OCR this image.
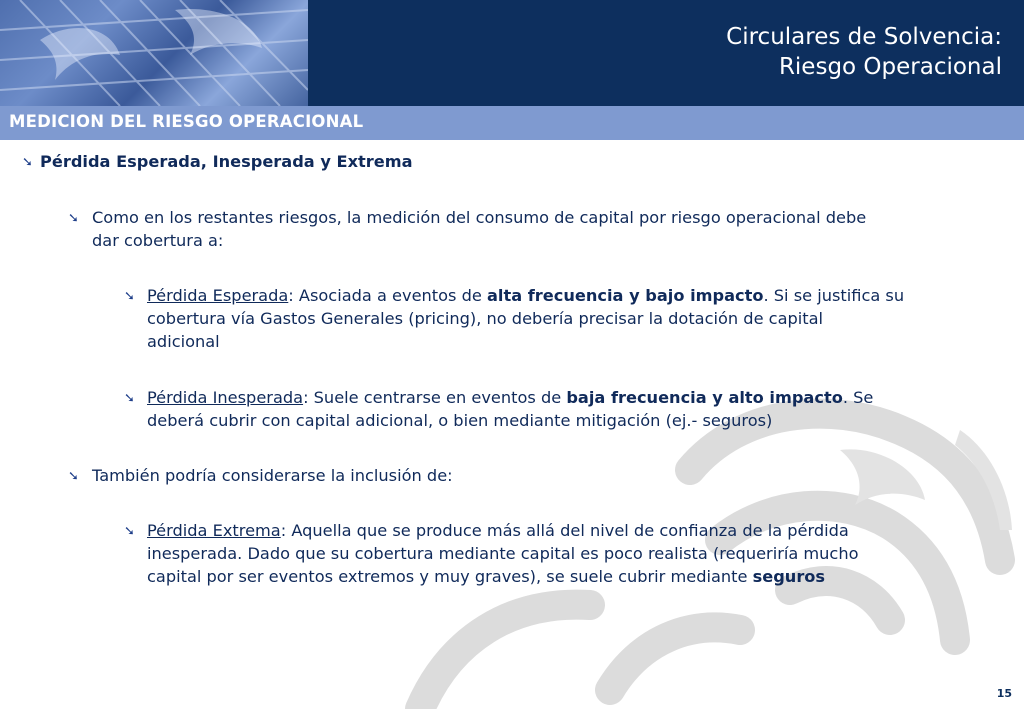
Circulares de Solvencia:
Riesgo Operacional
MEDICION DEL RIESGO OPERACIONAL
➘ Pérdida Esperada, Inesperada y Extrema
➘ Como en los restantes riesgos, la medición del consumo de capital por riesgo operacional debe
dar cobertura a:
➘ Pérdida Esperada: Asociada a eventos de alta frecuencia y bajo impacto. Si se justifica su
cobertura vía Gastos Generales (pricing), no debería precisar la dotación de capital
adicional
➘ Pérdida Inesperada: Suele centrarse en eventos de baja frecuencia y alto impacto. Se
deberá cubrir con capital adicional, o bien mediante mitigación (ej.- seguros)
➘ También podría considerarse la inclusión de:
➘ Pérdida Extrema: Aquella que se produce más allá del nivel de confianza de la pérdida
inesperada. Dado que su cobertura mediante capital es poco realista (requeriría mucho
capital por ser eventos extremos y muy graves), se suele cubrir mediante seguros
15
